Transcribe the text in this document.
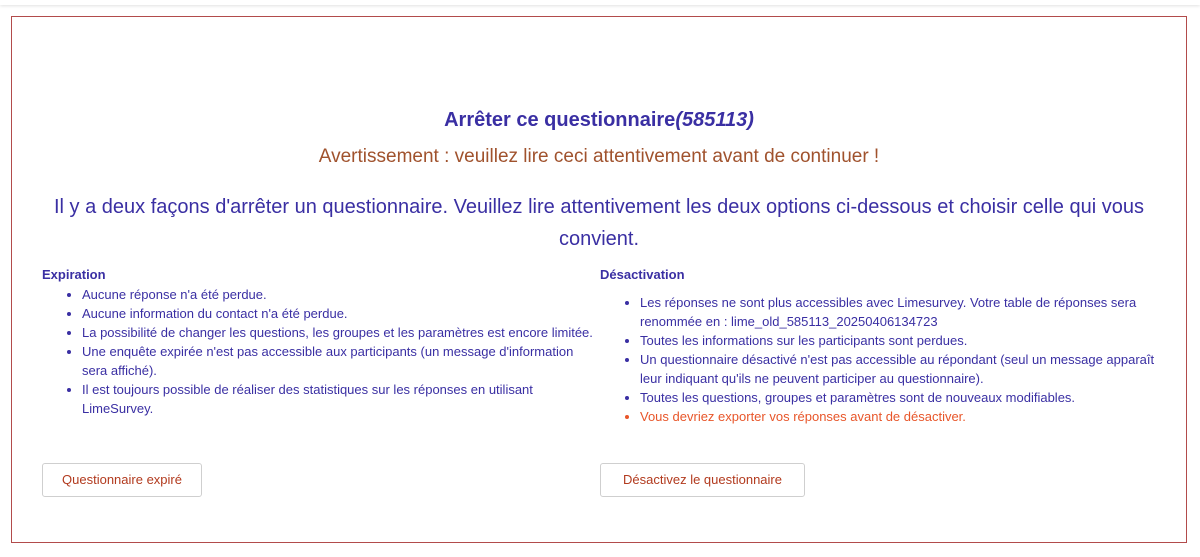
Arrêter ce questionnaire(585113)

Avertissement : veuillez lire ceci attentivement avant de continuer !

Il y a deux façons d'arrêter un questionnaire. Veuillez lire attentivement les deux options ci-dessous et choisir celle qui vous convient.

Expiration

• Aucune réponse n'a été perdue.
• Aucune information du contact n'a été perdue.
• La possibilité de changer les questions, les groupes et les paramètres est encore limitée.
• Une enquête expirée n'est pas accessible aux participants (un message d'information sera affiché).
• Il est toujours possible de réaliser des statistiques sur les réponses en utilisant LimeSurvey.

Désactivation

• Les réponses ne sont plus accessibles avec Limesurvey. Votre table de réponses sera renommée en : lime_old_585113_20250406134723
• Toutes les informations sur les participants sont perdues.
• Un questionnaire désactivé n'est pas accessible au répondant (seul un message apparaît leur indiquant qu'ils ne peuvent participer au questionnaire).
• Toutes les questions, groupes et paramètres sont de nouveaux modifiables.
• Vous devriez exporter vos réponses avant de désactiver.
Questionnaire expiré	Désactivez le questionnaire
